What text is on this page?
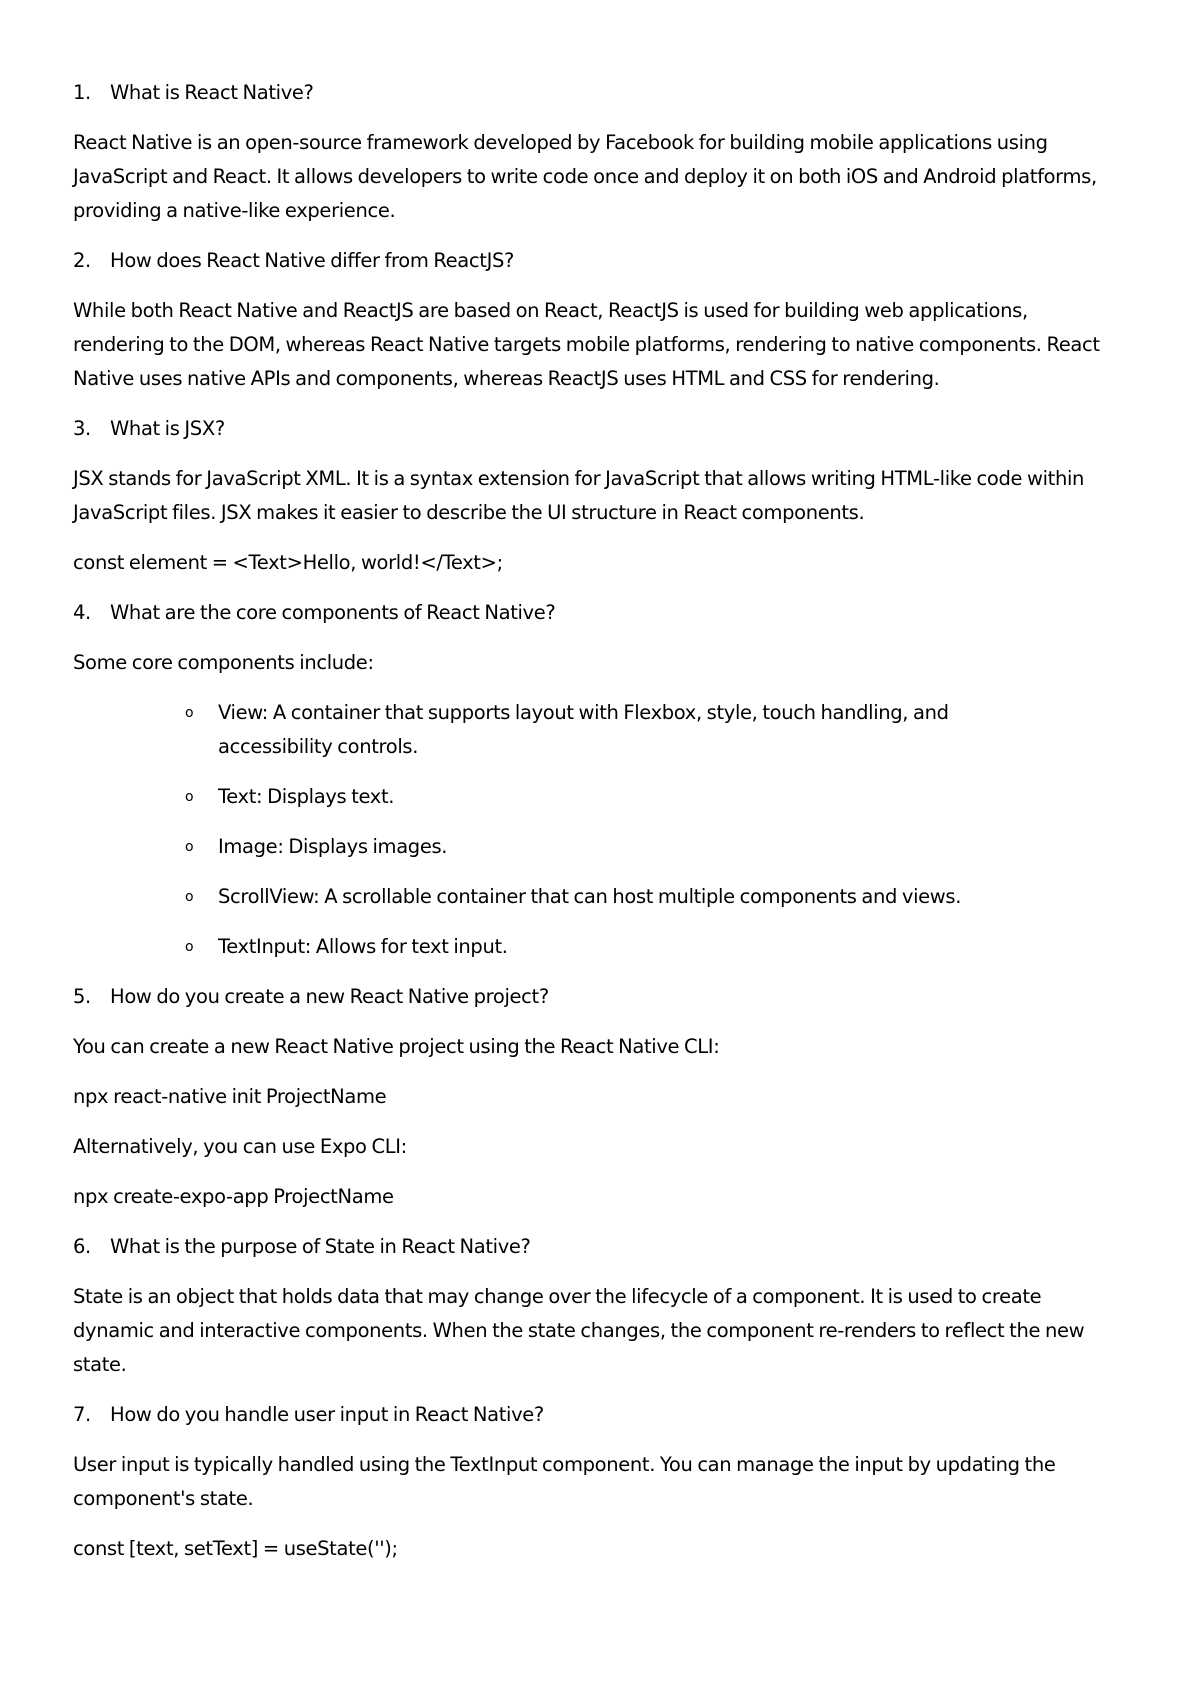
1. What is React Native?
React Native is an open-source framework developed by Facebook for building mobile applications using JavaScript and React. It allows developers to write code once and deploy it on both iOS and Android platforms, providing a native-like experience.
2. How does React Native differ from ReactJS?
While both React Native and ReactJS are based on React, ReactJS is used for building web applications, rendering to the DOM, whereas React Native targets mobile platforms, rendering to native components. React Native uses native APIs and components, whereas ReactJS uses HTML and CSS for rendering.
3. What is JSX?
JSX stands for JavaScript XML. It is a syntax extension for JavaScript that allows writing HTML-like code within JavaScript files. JSX makes it easier to describe the UI structure in React components.
const element = <Text>Hello, world!</Text>;
4. What are the core components of React Native?
Some core components include:
o	View: A container that supports layout with Flexbox, style, touch handling, and accessibility controls.
o	Text: Displays text.
o	Image: Displays images.
o	ScrollView: A scrollable container that can host multiple components and views.
o	TextInput: Allows for text input.
5. How do you create a new React Native project?
You can create a new React Native project using the React Native CLI:
npx react-native init ProjectName
Alternatively, you can use Expo CLI:
npx create-expo-app ProjectName
6. What is the purpose of State in React Native?
State is an object that holds data that may change over the lifecycle of a component. It is used to create dynamic and interactive components. When the state changes, the component re-renders to reflect the new state.
7. How do you handle user input in React Native?
User input is typically handled using the TextInput component. You can manage the input by updating the component's state.
const [text, setText] = useState('');
